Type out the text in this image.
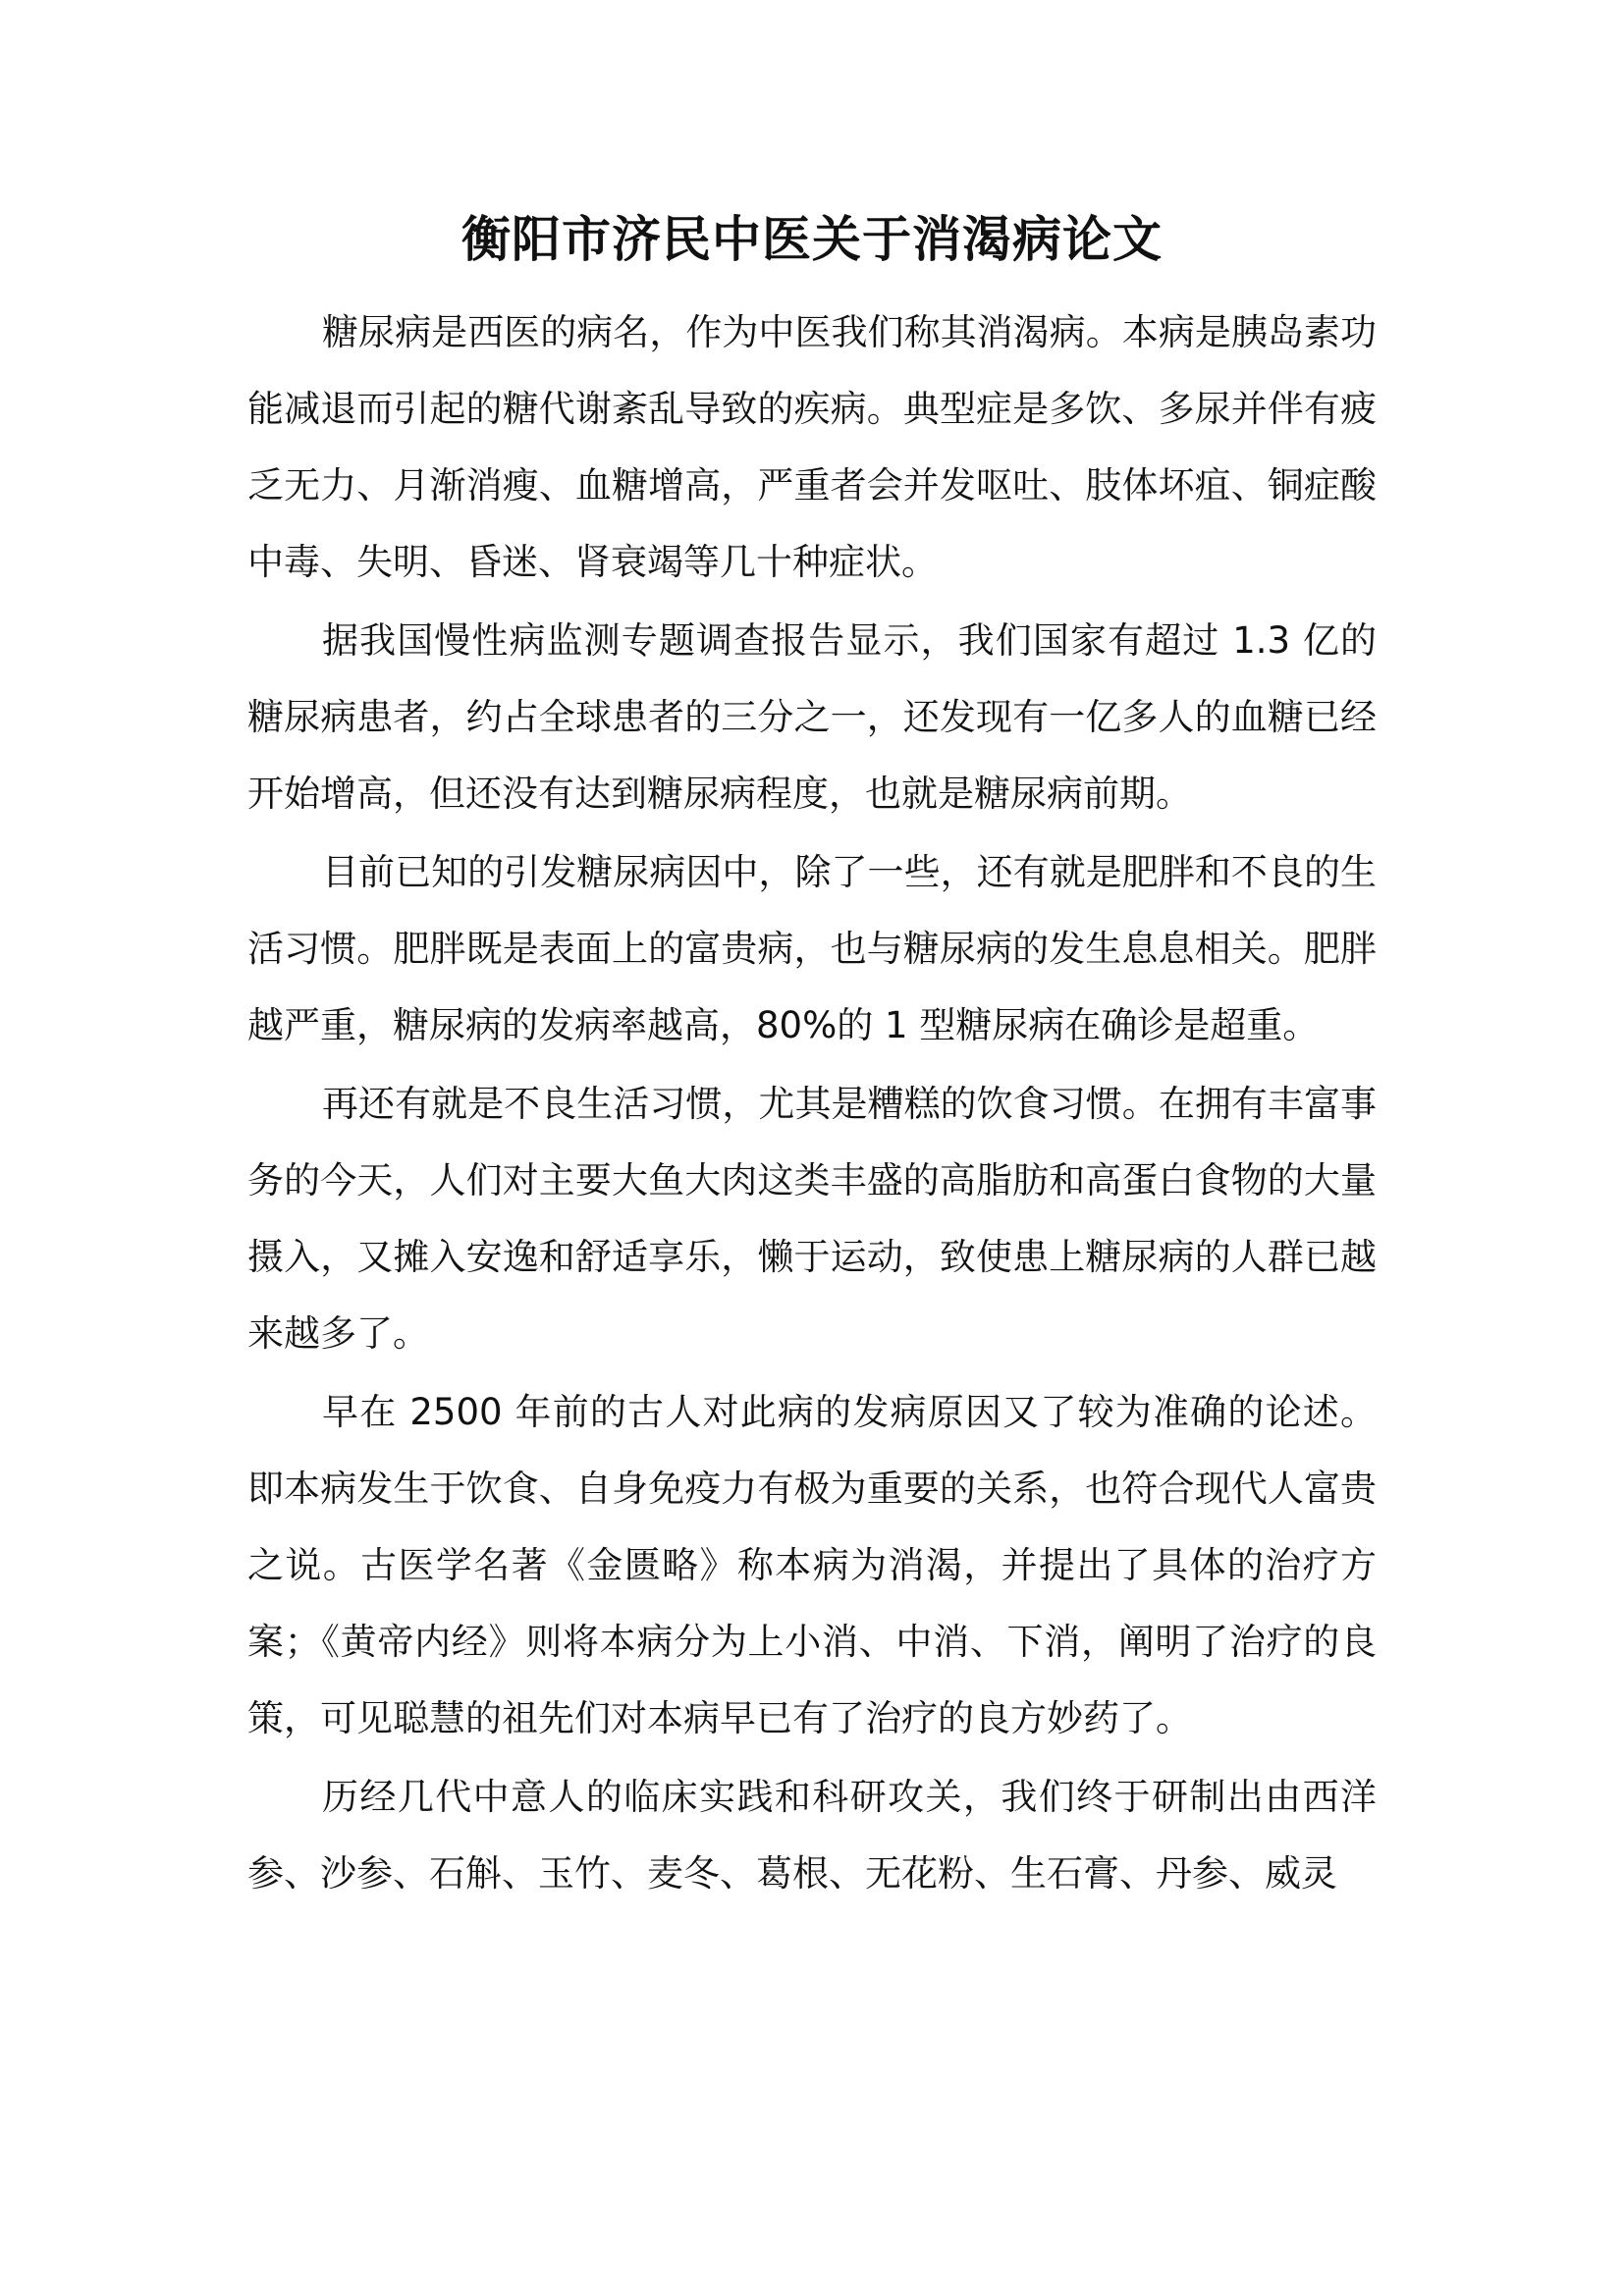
衡阳市济民中医关于消渴病论文

糖尿病是西医的病名，作为中医我们称其消渴病。本病是胰岛素功能减退而引起的糖代谢紊乱导致的疾病。典型症是多饮、多尿并伴有疲乏无力、月渐消瘦、血糖增高，严重者会并发呕吐、肢体坏疽、铜症酸中毒、失明、昏迷、肾衰竭等几十种症状。

据我国慢性病监测专题调查报告显示，我们国家有超过 1.3 亿的糖尿病患者，约占全球患者的三分之一，还发现有一亿多人的血糖已经开始增高，但还没有达到糖尿病程度，也就是糖尿病前期。

目前已知的引发糖尿病因中，除了一些，还有就是肥胖和不良的生活习惯。肥胖既是表面上的富贵病，也与糖尿病的发生息息相关。肥胖越严重，糖尿病的发病率越高，80%的 1 型糖尿病在确诊是超重。

再还有就是不良生活习惯，尤其是糟糕的饮食习惯。在拥有丰富事务的今天，人们对主要大鱼大肉这类丰盛的高脂肪和高蛋白食物的大量摄入，又摊入安逸和舒适享乐，懒于运动，致使患上糖尿病的人群已越来越多了。

早在 2500 年前的古人对此病的发病原因又了较为准确的论述。即本病发生于饮食、自身免疫力有极为重要的关系，也符合现代人富贵之说。古医学名著《金匮略》称本病为消渴，并提出了具体的治疗方案；《黄帝内经》则将本病分为上小消、中消、下消，阐明了治疗的良策，可见聪慧的祖先们对本病早已有了治疗的良方妙药了。

历经几代中意人的临床实践和科研攻关，我们终于研制出由西洋参、沙参、石斛、玉竹、麦冬、葛根、无花粉、生石膏、丹参、威灵
